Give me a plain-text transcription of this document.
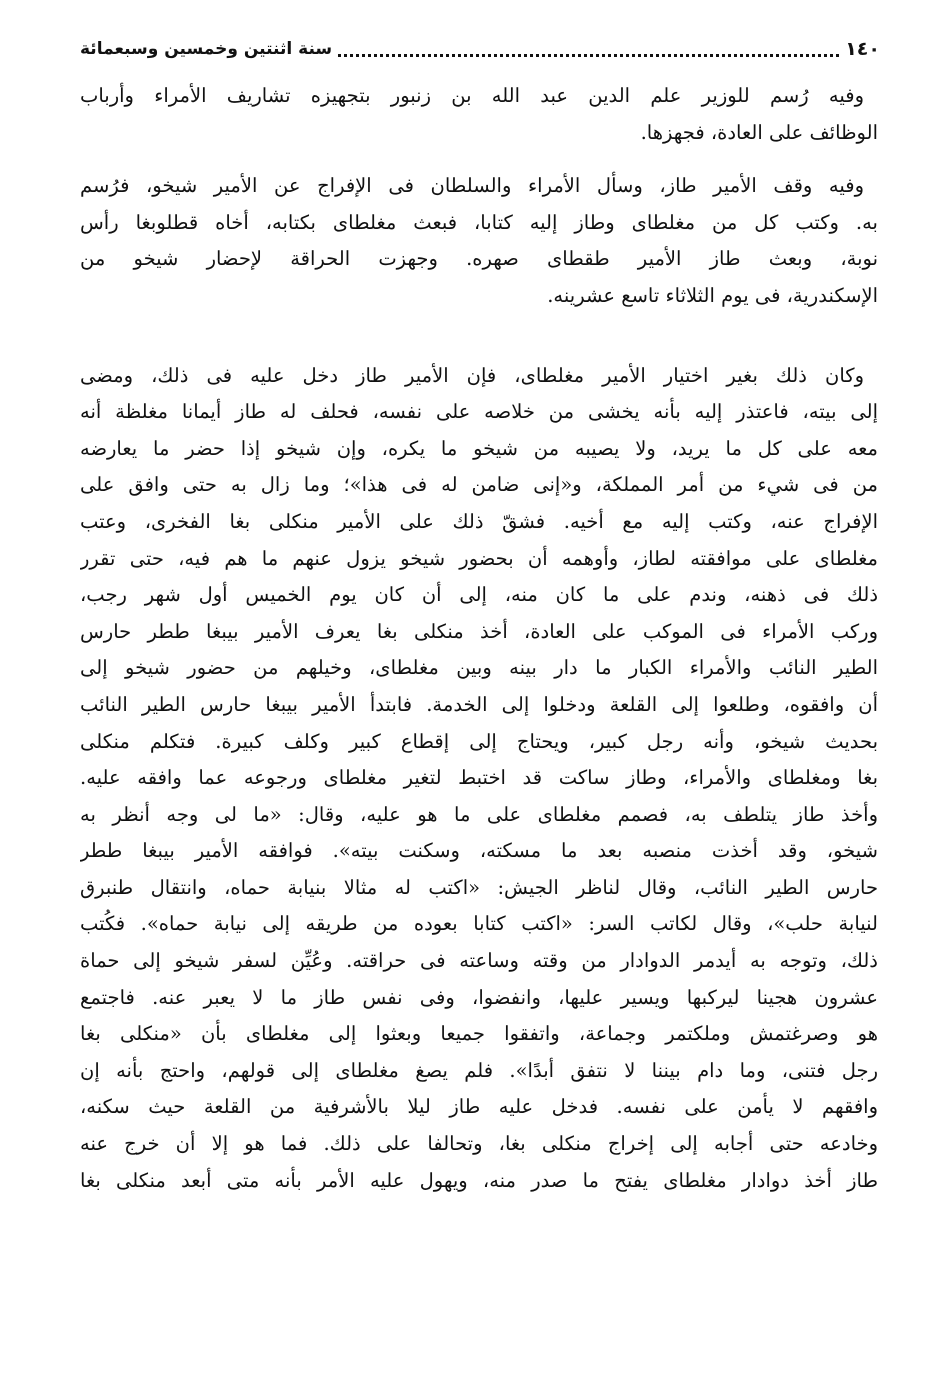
١٤٠
سنة اثنتين وخمسين وسبعمائة
وفيه رُسم للوزير علم الدين عبد الله بن زنبور بتجهيزه تشاريف الأمراء وأرباب
الوظائف على العادة، فجهزها.
وفيه وقف الأمير طاز، وسأل الأمراء والسلطان فى الإفراج عن الأمير شيخو، فرُسم
به. وكتب كل من مغلطاى وطاز إليه كتابا، فبعث مغلطاى بكتابه، أخاه قطلوبغا رأس
نوبة، وبعث طاز الأمير طقطاى صهره. وجهزت الحراقة لإحضار شيخو من
الإسكندرية، فى يوم الثلاثاء تاسع عشرينه.
وكان ذلك بغير اختيار الأمير مغلطاى، فإن الأمير طاز دخل عليه فى ذلك، ومضى
إلى بيته، فاعتذر إليه بأنه يخشى من خلاصه على نفسه، فحلف له طاز أيمانا مغلظة أنه
معه على كل ما يريد، ولا يصيبه من شيخو ما يكره، وإن شيخو إذا حضر ما يعارضه
من فى شيء من أمر المملكة، و«إنى ضامن له فى هذا»؛ وما زال به حتى وافق على
الإفراج عنه، وكتب إليه مع أخيه. فشقّ ذلك على الأمير منكلى بغا الفخرى، وعتب
مغلطاى على موافقته لطاز، وأوهمه أن بحضور شيخو يزول عنهم ما هم فيه، حتى تقرر
ذلك فى ذهنه، وندم على ما كان منه، إلى أن كان يوم الخميس أول شهر رجب،
وركب الأمراء فى الموكب على العادة، أخذ منكلى بغا يعرف الأمير بيبغا ططر حارس
الطير النائب والأمراء الكبار ما دار بينه وبين مغلطاى، وخيلهم من حضور شيخو إلى
أن وافقوه، وطلعوا إلى القلعة ودخلوا إلى الخدمة. فابتدأ الأمير بيبغا حارس الطير النائب
بحديث شيخو، وأنه رجل كبير، ويحتاج إلى إقطاع كبير وكلف كبيرة. فتكلم منكلى
بغا ومغلطاى والأمراء، وطاز ساكت قد اختبط لتغير مغلطاى ورجوعه عما وافقه عليه.
وأخذ طاز يتلطف به، فصمم مغلطاى على ما هو عليه، وقال: «ما لى وجه أنظر به
شيخو، وقد أخذت منصبه بعد ما مسكته، وسكنت بيته». فوافقه الأمير بيبغا ططر
حارس الطير النائب، وقال لناظر الجيش: «اكتب له مثالا بنيابة حماه، وانتقال طنبرق
لنيابة حلب»، وقال لكاتب السر: «اكتب كتابا بعوده من طريقه إلى نيابة حماه». فكُتب
ذلك، وتوجه به أيدمر الدوادار من وقته وساعته فى حراقته. وعُيِّن لسفر شيخو إلى حماة
عشرون هجينا ليركبها ويسير عليها، وانفضوا، وفى نفس طاز ما لا يعبر عنه. فاجتمع
هو وصرغتمش وملكتمر وجماعة، واتفقوا جميعا وبعثوا إلى مغلطاى بأن «منكلى بغا
رجل فتنى، وما دام بيننا لا نتفق أبدًا». فلم يصغ مغلطاى إلى قولهم، واحتج بأنه إن
وافقهم لا يأمن على نفسه. فدخل عليه طاز ليلا بالأشرفية من القلعة حيث سكنه،
وخادعه حتى أجابه إلى إخراج منكلى بغا، وتحالفا على ذلك. فما هو إلا أن خرج عنه
طاز أخذ دوادار مغلطاى يفتح ما صدر منه، ويهول عليه الأمر بأنه متى أبعد منكلى بغا
